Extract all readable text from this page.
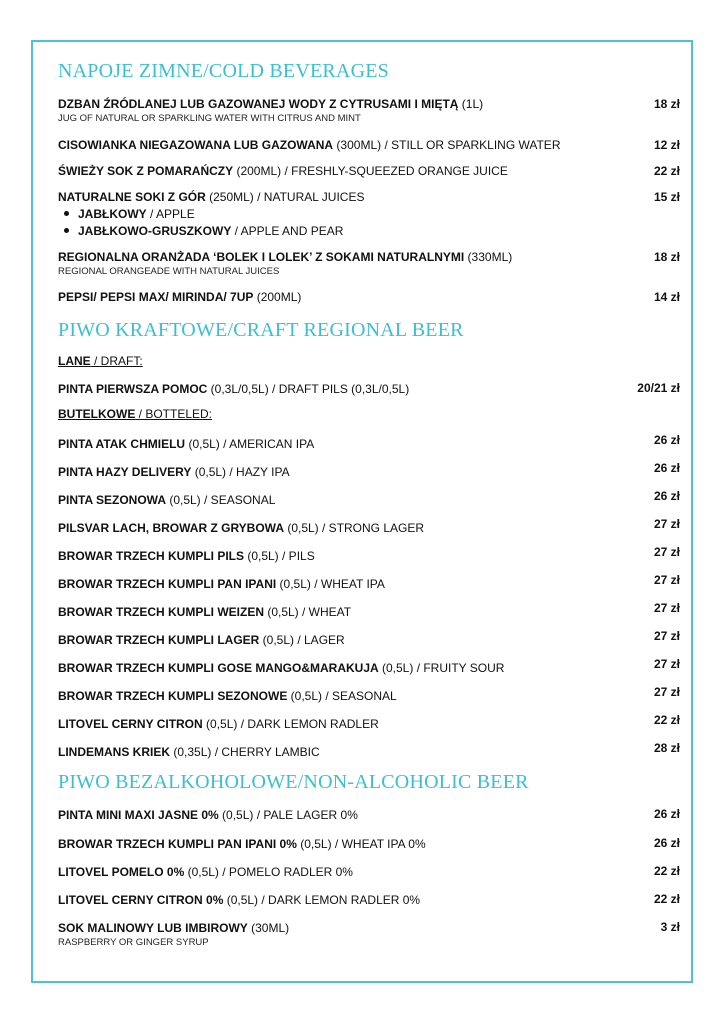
NAPOJE ZIMNE/COLD BEVERAGES
DZBAN ŹRÓDLANEJ LUB GAZOWANEJ WODY Z CYTRUSAMI I MIĘTĄ (1L)
JUG OF NATURAL OR SPARKLING WATER WITH CITRUS AND MINT
18 zł
CISOWIANKA NIEGAZOWANA LUB GAZOWANA (300ML) / STILL OR SPARKLING WATER	12 zł
ŚWIEŻY SOK Z POMARAŃCZY (200ML) / FRESHLY-SQUEEZED ORANGE JUICE	22 zł
NATURALNE SOKI Z GÓR (250ML) / NATURAL JUICES	15 zł
JABŁKOWY / APPLE
JABŁKOWO-GRUSZKOWY / APPLE AND PEAR
REGIONALNA ORANŻADA ‘BOLEK I LOLEK’ Z SOKAMI NATURALNYMI (330ML)
REGIONAL ORANGEADE WITH NATURAL JUICES
18 zł
PEPSI/ PEPSI MAX/ MIRINDA/ 7UP (200ML)	14 zł
PIWO KRAFTOWE/CRAFT REGIONAL BEER
LANE / DRAFT:
PINTA PIERWSZA POMOC (0,3L/0,5L) / DRAFT PILS (0,3L/0,5L)	20/21 zł
BUTELKOWE / BOTTELED:
PINTA ATAK CHMIELU (0,5L) / AMERICAN IPA	26 zł
PINTA HAZY DELIVERY (0,5L) / HAZY IPA	26 zł
PINTA SEZONOWA (0,5L) / SEASONAL	26 zł
PILSVAR LACH, BROWAR Z GRYBOWA (0,5L) / STRONG LAGER	27 zł
BROWAR TRZECH KUMPLI PILS (0,5L) / PILS	27 zł
BROWAR TRZECH KUMPLI PAN IPANI (0,5L) / WHEAT IPA	27 zł
BROWAR TRZECH KUMPLI WEIZEN (0,5L) / WHEAT	27 zł
BROWAR TRZECH KUMPLI LAGER (0,5L) / LAGER	27 zł
BROWAR TRZECH KUMPLI GOSE MANGO&MARAKUJA (0,5L) / FRUITY SOUR	27 zł
BROWAR TRZECH KUMPLI SEZONOWE (0,5L) / SEASONAL	27 zł
LITOVEL CERNY CITRON (0,5L) / DARK LEMON RADLER	22 zł
LINDEMANS KRIEK (0,35L) / CHERRY LAMBIC	28 zł
PIWO BEZALKOHOLOWE/NON-ALCOHOLIC BEER
PINTA MINI MAXI JASNE 0% (0,5L) / PALE LAGER 0%	26 zł
BROWAR TRZECH KUMPLI PAN IPANI 0% (0,5L) / WHEAT IPA 0%	26 zł
LITOVEL POMELO 0% (0,5L) / POMELO RADLER 0%	22 zł
LITOVEL CERNY CITRON 0% (0,5L) / DARK LEMON RADLER 0%	22 zł
SOK MALINOWY LUB IMBIROWY (30ML)	3 zł
RASPBERRY OR GINGER SYRUP
